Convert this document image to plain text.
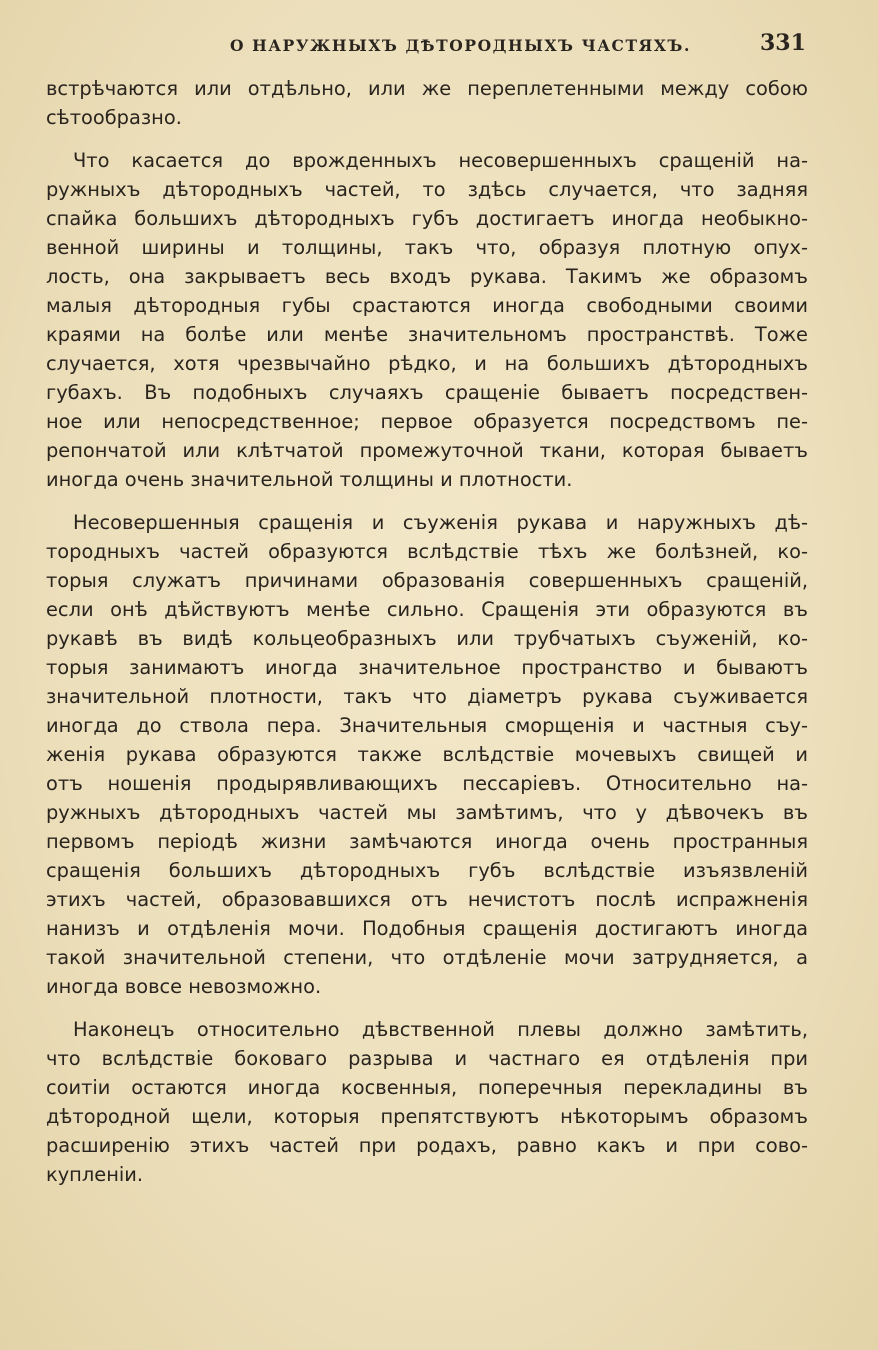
О НАРУЖНЫХЪ ДѢТОРОДНЫХЪ ЧАСТЯХЪ.	331
встрѣчаются или отдѣльно, или же переплетенными между собою
сѣтообразно.
Что касается до врожденныхъ несовершенныхъ сращенiй на-
ружныхъ дѣтородныхъ частей, то здѣсь случается, что задняя
спайка большихъ дѣтородныхъ губъ достигаетъ иногда необыкно-
венной ширины и толщины, такъ что, образуя плотную опух-
лость, она закрываетъ весь входъ рукава. Такимъ же образомъ
малыя дѣтородныя губы срастаются иногда свободными своими
краями на болѣе или менѣе значительномъ пространствѣ. Тоже
случается, хотя чрезвычайно рѣдко, и на большихъ дѣтородныхъ
губахъ. Въ подобныхъ случаяхъ сращенiе бываетъ посредствен-
ное или непосредственное; первое образуется посредствомъ пе-
репончатой или клѣтчатой промежуточной ткани, которая бываетъ
иногда очень значительной толщины и плотности.
Несовершенныя сращенiя и съуженiя рукава и наружныхъ дѣ-
тородныхъ частей образуются вслѣдствiе тѣхъ же болѣзней, ко-
торыя служатъ причинами образованiя совершенныхъ сращенiй,
если онѣ дѣйствуютъ менѣе сильно. Сращенiя эти образуются въ
рукавѣ въ видѣ кольцеобразныхъ или трубчатыхъ съуженiй, ко-
торыя занимаютъ иногда значительное пространство и бываютъ
значительной плотности, такъ что дiаметръ рукава съуживается
иногда до ствола пера. Значительныя сморщенiя и частныя съу-
женiя рукава образуются также вслѣдствiе мочевыхъ свищей и
отъ ношенiя продырявливающихъ пессарiевъ. Относительно на-
ружныхъ дѣтородныхъ частей мы замѣтимъ, что у дѣвочекъ въ
первомъ перiодѣ жизни замѣчаются иногда очень пространныя
сращенiя большихъ дѣтородныхъ губъ вслѣдствiе изъязвленiй
этихъ частей, образовавшихся отъ нечистотъ послѣ испражненiя
нанизъ и отдѣленiя мочи. Подобныя сращенiя достигаютъ иногда
такой значительной степени, что отдѣленiе мочи затрудняется, а
иногда вовсе невозможно.
Наконецъ относительно дѣвственной плевы должно замѣтить,
что вслѣдствiе боковаго разрыва и частнаго ея отдѣленiя при
соитiи остаются иногда косвенныя, поперечныя перекладины въ
дѣтородной щели, которыя препятствуютъ нѣкоторымъ образомъ
расширенiю этихъ частей при родахъ, равно какъ и при сово-
купленiи.
